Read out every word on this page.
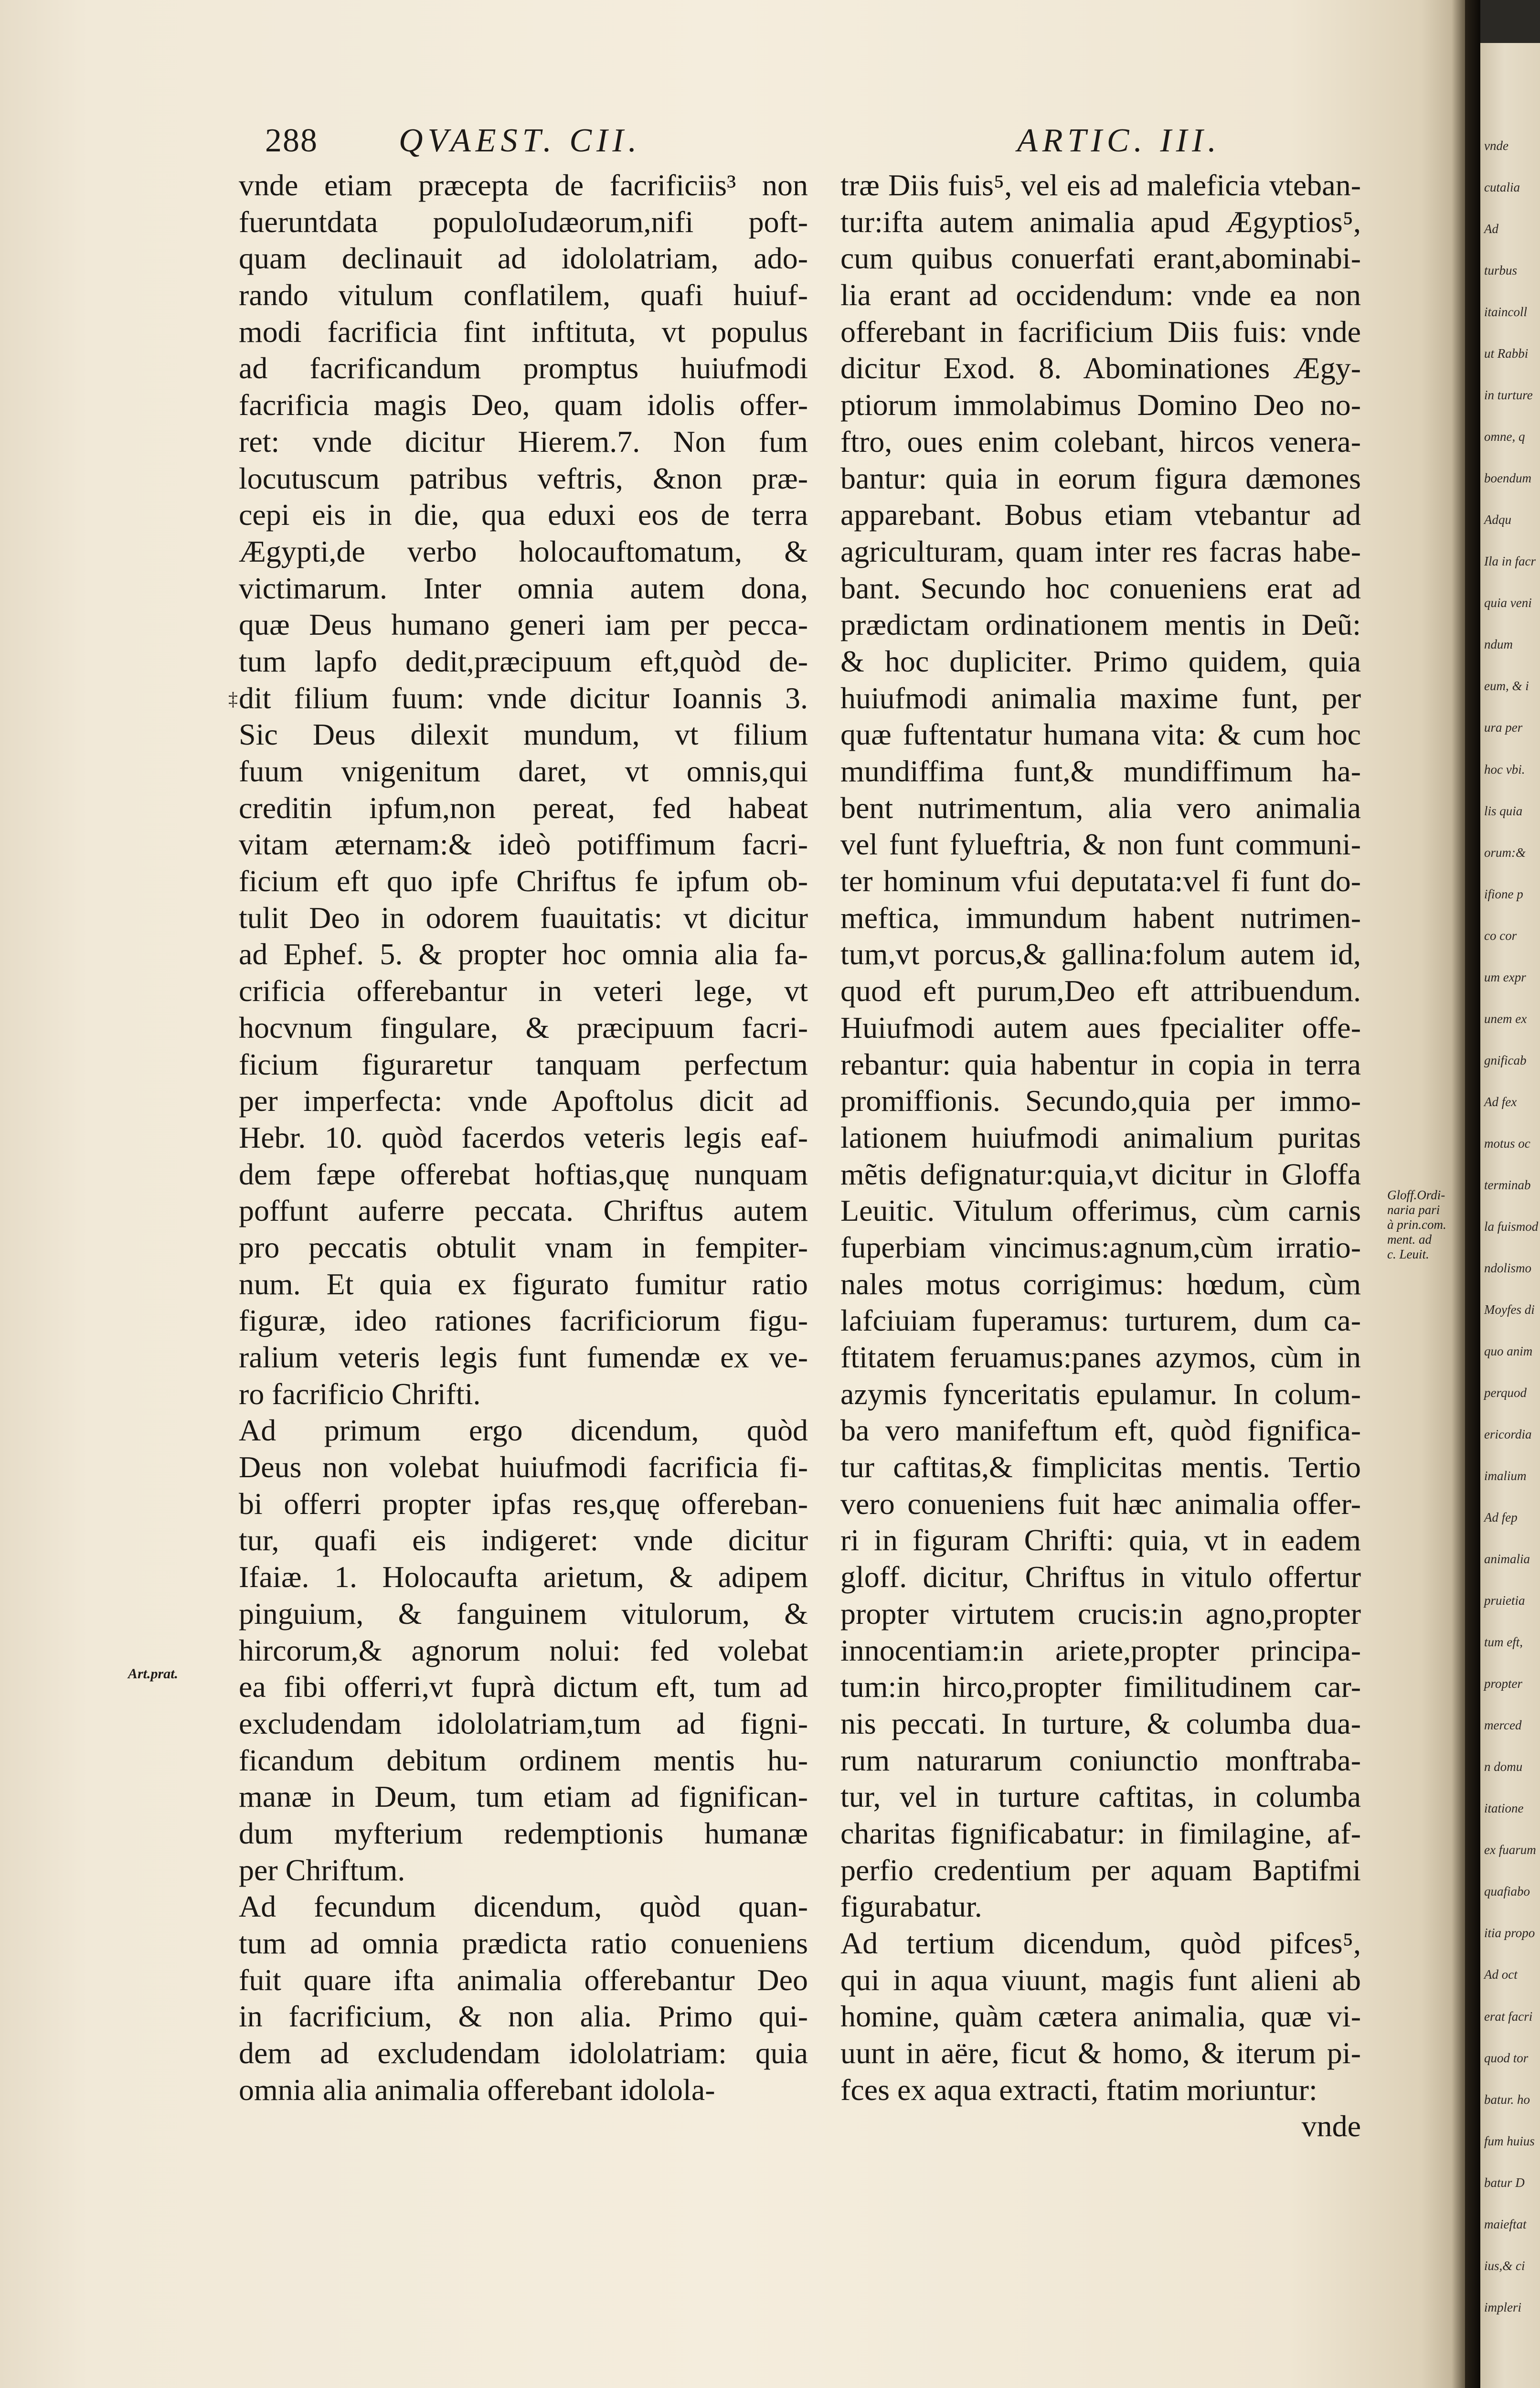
288 QVAEST. CII.	ARTIC. III.
vnde etiam præcepta de facrificiis³ non
fueruntdata populoIudæorum,nifi poft-
quam declinauit ad idololatriam, ado-
rando vitulum conflatilem, quafi huiuf-
modi facrificia fint inftituta, vt populus
ad facrificandum promptus huiufmodi
facrificia magis Deo, quam idolis offer-
ret: vnde dicitur Hierem.7. Non fum
locutuscum patribus veftris, &non præ-
cepi eis in die, qua eduxi eos de terra
Ægypti,de verbo holocauftomatum, &
victimarum. Inter omnia autem dona,
quæ Deus humano generi iam per pecca-
tum lapfo dedit,præcipuum eft,quòd de-
dit filium fuum: vnde dicitur Ioannis 3.
Sic Deus dilexit mundum, vt filium
fuum vnigenitum daret, vt omnis,qui
creditin ipfum,non pereat, fed habeat
vitam æternam:& ideò potiffimum facri-
ficium eft quo ipfe Chriftus fe ipfum ob-
tulit Deo in odorem fuauitatis: vt dicitur
ad Ephef. 5. & propter hoc omnia alia fa-
crificia offerebantur in veteri lege, vt
hocvnum fingulare, & præcipuum facri-
ficium figuraretur tanquam perfectum
per imperfecta: vnde Apoftolus dicit ad
Hebr. 10. quòd facerdos veteris legis eaf-
dem fæpe offerebat hoftias,quę nunquam
poffunt auferre peccata. Chriftus autem
pro peccatis obtulit vnam in fempiter-
num. Et quia ex figurato fumitur ratio
figuræ, ideo rationes facrificiorum figu-
ralium veteris legis funt fumendæ ex ve-
ro facrificio Chrifti.
Ad primum ergo dicendum, quòd
Deus non volebat huiufmodi facrificia fi-
bi offerri propter ipfas res,quę offereban-
tur, quafi eis indigeret: vnde dicitur
Ifaiæ. 1. Holocaufta arietum, & adipem
pinguium, & fanguinem vitulorum, &
hircorum,& agnorum nolui: fed volebat
ea fibi offerri,vt fuprà dictum eft, tum ad
excludendam idololatriam,tum ad figni-
ficandum debitum ordinem mentis hu-
manæ in Deum, tum etiam ad fignifican-
dum myfterium redemptionis humanæ
per Chriftum.
Ad fecundum dicendum, quòd quan-
tum ad omnia prædicta ratio conueniens
fuit quare ifta animalia offerebantur Deo
in facrificium, & non alia. Primo qui-
dem ad excludendam idololatriam: quia
omnia alia animalia offerebant idolola-
træ Diis fuis⁵, vel eis ad maleficia vteban-
tur:ifta autem animalia apud Ægyptios⁵,
cum quibus conuerfati erant,abominabi-
lia erant ad occidendum: vnde ea non
offerebant in facrificium Diis fuis: vnde
dicitur Exod. 8. Abominationes Ægy-
ptiorum immolabimus Domino Deo no-
ftro, oues enim colebant, hircos venera-
bantur: quia in eorum figura dæmones
apparebant. Bobus etiam vtebantur ad
agriculturam, quam inter res facras habe-
bant. Secundo hoc conueniens erat ad
prædictam ordinationem mentis in Deũ:
& hoc dupliciter. Primo quidem, quia
huiufmodi animalia maxime funt, per
quæ fuftentatur humana vita: & cum hoc
mundiffima funt,& mundiffimum ha-
bent nutrimentum, alia vero animalia
vel funt fylueftria, & non funt communi-
ter hominum vfui deputata:vel fi funt do-
meftica, immundum habent nutrimen-
tum,vt porcus,& gallina:folum autem id,
quod eft purum,Deo eft attribuendum.
Huiufmodi autem aues fpecialiter offe-
rebantur: quia habentur in copia in terra
promiffionis. Secundo,quia per immo-
lationem huiufmodi animalium puritas
mẽtis defignatur:quia,vt dicitur in Gloffa
Leuitic. Vitulum offerimus, cùm carnis
fuperbiam vincimus:agnum,cùm irratio-
nales motus corrigimus: hœdum, cùm
lafciuiam fuperamus: turturem, dum ca-
ftitatem feruamus:panes azymos, cùm in
azymis fynceritatis epulamur. In colum-
ba vero manifeftum eft, quòd fignifica-
tur caftitas,& fimplicitas mentis. Tertio
vero conueniens fuit hæc animalia offer-
ri in figuram Chrifti: quia, vt in eadem
gloff. dicitur, Chriftus in vitulo offertur
propter virtutem crucis:in agno,propter
innocentiam:in ariete,propter principa-
tum:in hirco,propter fimilitudinem car-
nis peccati. In turture, & columba dua-
rum naturarum coniunctio monftraba-
tur, vel in turture caftitas, in columba
charitas fignificabatur: in fimilagine, af-
perfio credentium per aquam Baptifmi
figurabatur.
Ad tertium dicendum, quòd pifces⁵,
qui in aqua viuunt, magis funt alieni ab
homine, quàm cætera animalia, quæ vi-
uunt in aëre, ficut & homo, & iterum pi-
fces ex aqua extracti, ftatim moriuntur:
vnde
Art.prat.
Gloff.Ordi-
naria pari
à prin.com.
ment. ad
c. Leuit.
‡
vnde
cutalia
Ad
turbus
itaincoll
ut Rabbi
in turture
omne, q
boendum
Adqu
Ila in facr
quia veni
ndum
eum, & i
ura per
hoc vbi.
lis quia
orum:&
ifione p
co cor
um expr
unem ex
gnificab
Ad fex
motus oc
terminab
la fuismod
ndolismo
Moyfes di
quo anim
perquod
ericordia
imalium
Ad fep
animalia
pruietia
tum eft,
propter
merced
n domu
itatione
ex fuarum
quafiabo
itia propo
Ad oct
erat facri
quod tor
batur. ho
fum huius
batur D
maieftat
ius,& ci
impleri
